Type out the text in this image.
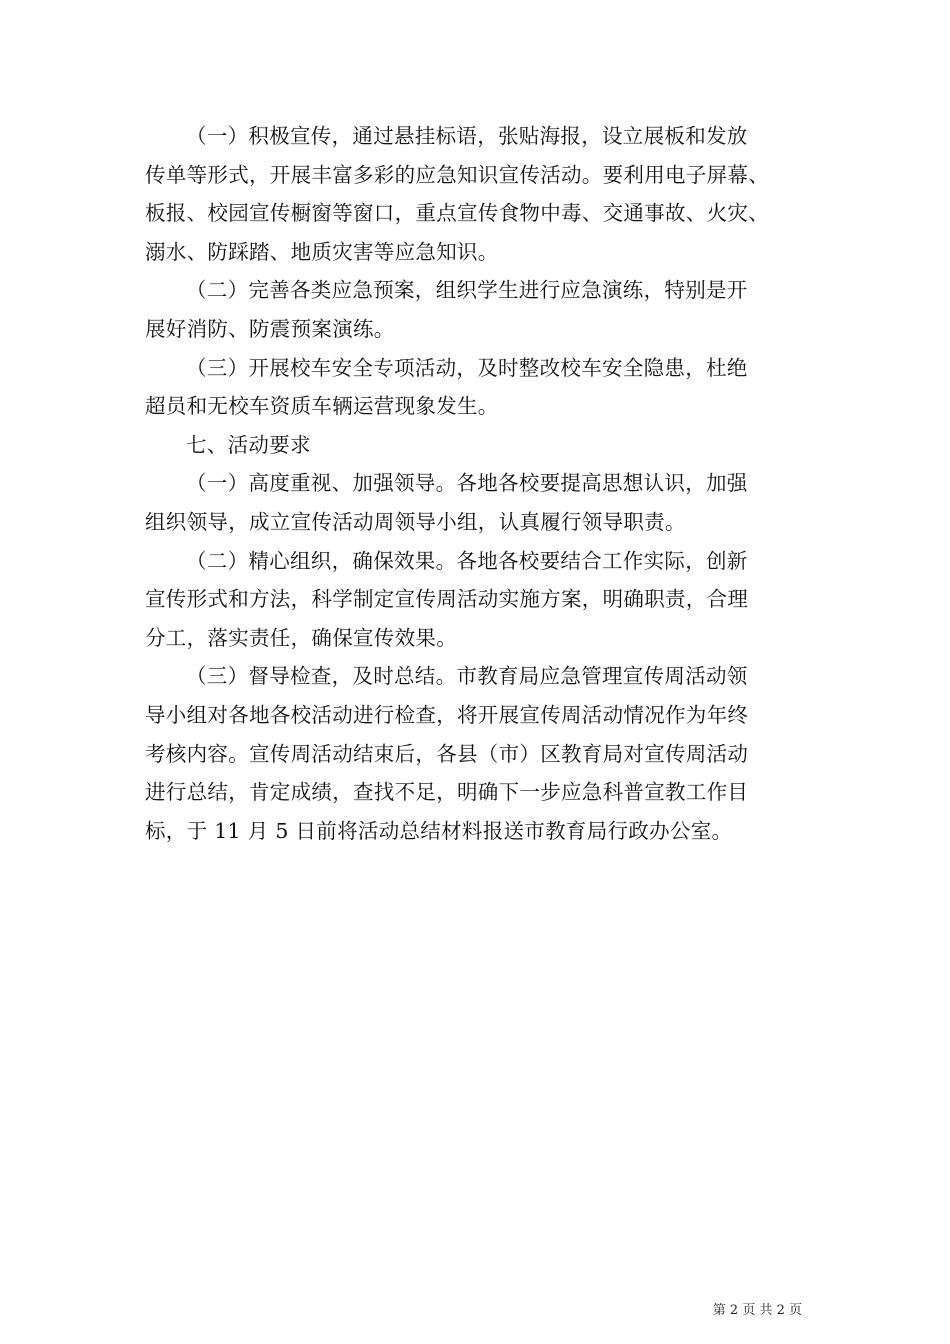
（一）积极宣传，通过悬挂标语，张贴海报，设立展板和发放
传单等形式，开展丰富多彩的应急知识宣传活动。要利用电子屏幕、
板报、校园宣传橱窗等窗口，重点宣传食物中毒、交通事故、火灾、
溺水、防踩踏、地质灾害等应急知识。

（二）完善各类应急预案，组织学生进行应急演练，特别是开
展好消防、防震预案演练。

（三）开展校车安全专项活动，及时整改校车安全隐患，杜绝
超员和无校车资质车辆运营现象发生。

七、活动要求

（一）高度重视、加强领导。各地各校要提高思想认识，加强
组织领导，成立宣传活动周领导小组，认真履行领导职责。

（二）精心组织，确保效果。各地各校要结合工作实际，创新
宣传形式和方法，科学制定宣传周活动实施方案，明确职责，合理
分工，落实责任，确保宣传效果。

（三）督导检查，及时总结。市教育局应急管理宣传周活动领
导小组对各地各校活动进行检查，将开展宣传周活动情况作为年终
考核内容。宣传周活动结束后，各县（市）区教育局对宣传周活动
进行总结，肯定成绩，查找不足，明确下一步应急科普宣教工作目
标，于 11 月 5 日前将活动总结材料报送市教育局行政办公室。

第 2 页 共 2 页
